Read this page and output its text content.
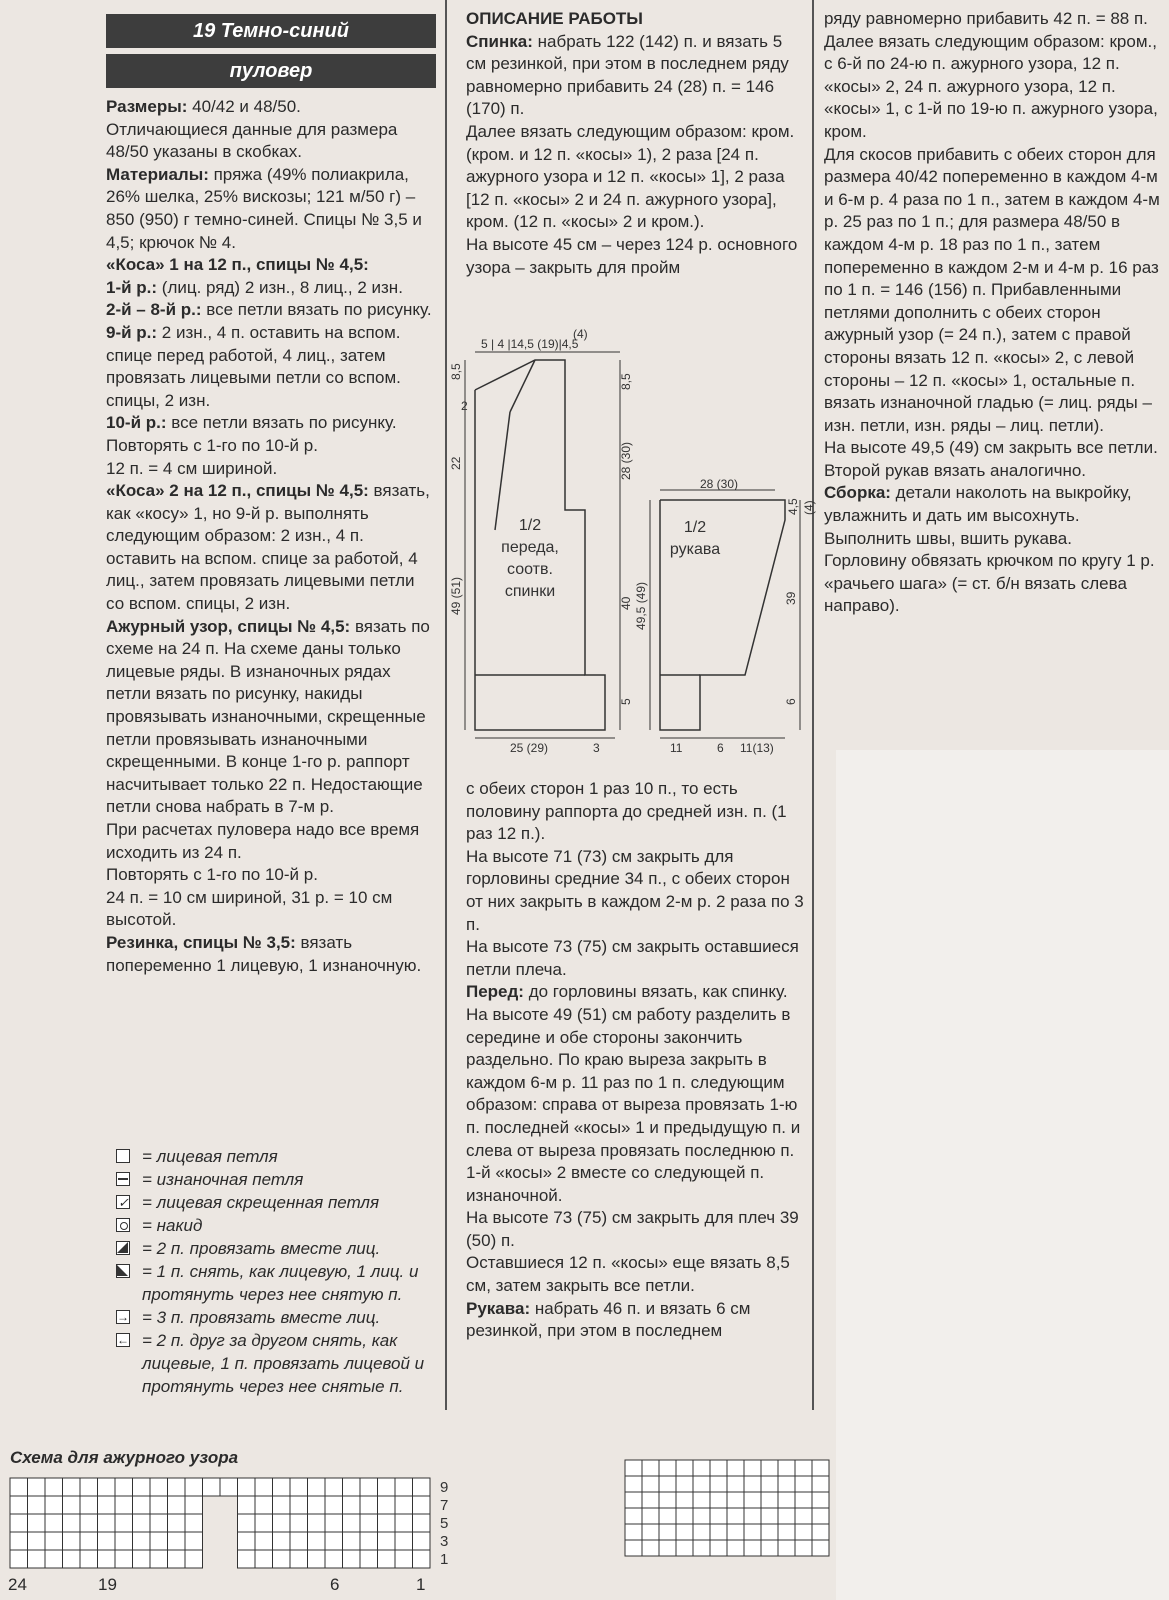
19 Темно-синий
пуловер

Размеры: 40/42 и 48/50.

Отличающиеся данные для размера 48/50 указаны в скобках.

Материалы: пряжа (49% полиакрила, 26% шелка, 25% вискозы; 121 м/50 г) – 850 (950) г темно-синей. Спицы № 3,5 и 4,5; крючок № 4.

«Коса» 1 на 12 п., спицы № 4,5:

1-й р.: (лиц. ряд) 2 изн., 8 лиц., 2 изн.

2-й – 8-й р.: все петли вязать по рисунку.

9-й р.: 2 изн., 4 п. оставить на вспом. спице перед работой, 4 лиц., затем провязать лицевыми петли со вспом. спицы, 2 изн.

10-й р.: все петли вязать по рисунку.

Повторять с 1-го по 10-й р.

12 п. = 4 см шириной.

«Коса» 2 на 12 п., спицы № 4,5: вязать, как «косу» 1, но 9-й р. выполнять следующим образом: 2 изн., 4 п. оставить на вспом. спице за работой, 4 лиц., затем провязать лицевыми петли со вспом. спицы, 2 изн.

Ажурный узор, спицы № 4,5: вязать по схеме на 24 п. На схеме даны только лицевые ряды. В изнаночных рядах петли вязать по рисунку, накиды провязывать изнаночными, скрещенные петли провязывать изнаночными скрещенными. В конце 1-го р. раппорт насчитывает только 22 п. Недостающие петли снова набрать в 7-м р.

При расчетах пуловера надо все время исходить из 24 п.

Повторять с 1-го по 10-й р.

24 п. = 10 см шириной, 31 р. = 10 см высотой.

Резинка, спицы № 3,5: вязать попеременно 1 лицевую, 1 изнаночную.

ОПИСАНИЕ РАБОТЫ

Спинка: набрать 122 (142) п. и вязать 5 см резинкой, при этом в последнем ряду равномерно прибавить 24 (28) п. = 146 (170) п.

Далее вязать следующим образом: кром. (кром. и 12 п. «косы» 1), 2 раза [24 п. ажурного узора и 12 п. «косы» 1], 2 раза [12 п. «косы» 2 и 24 п. ажурного узора], кром. (12 п. «косы» 2 и кром.).

На высоте 45 см – через 124 р. основного узора – закрыть для пройм

с обеих сторон 1 раз 10 п., то есть половину раппорта до средней изн. п. (1 раз 12 п.).

На высоте 71 (73) см закрыть для горловины средние 34 п., с обеих сторон от них закрыть в каждом 2-м р. 2 раза по 3 п.

На высоте 73 (75) см закрыть оставшиеся петли плеча.

Перед: до горловины вязать, как спинку. На высоте 49 (51) см работу разделить в середине и обе стороны закончить раздельно. По краю выреза закрыть в каждом 6-м р. 11 раз по 1 п. следующим образом: справа от выреза провязать 1-ю п. последней «косы» 1 и предыдущую п. и слева от выреза провязать последнюю п. 1-й «косы» 2 вместе со следующей п. изнаночной.

На высоте 73 (75) см закрыть для плеч 39 (50) п.

Оставшиеся 12 п. «косы» еще вязать 8,5 см, затем закрыть все петли.

Рукава: набрать 46 п. и вязать 6 см резинкой, при этом в последнем

ряду равномерно прибавить 42 п. = 88 п.

Далее вязать следующим образом: кром., с 6-й по 24-ю п. ажурного узора, 12 п. «косы» 2, 24 п. ажурного узора, 12 п. «косы» 1, с 1-й по 19-ю п. ажурного узора, кром.

Для скосов прибавить с обеих сторон для размера 40/42 попеременно в каждом 4-м и 6-м р. 4 раза по 1 п., затем в каждом 4-м р. 25 раз по 1 п.; для размера 48/50 в каждом 4-м р. 18 раз по 1 п., затем попеременно в каждом 2-м и 4-м р. 16 раз по 1 п. = 146 (156) п. Прибавленными петлями дополнить с обеих сторон ажурный узор (= 24 п.), затем с правой стороны вязать 12 п. «косы» 2, с левой стороны – 12 п. «косы» 1, остальные п. вязать изнаночной гладью (= лиц. ряды – изн. петли, изн. ряды – лиц. петли).

На высоте 49,5 (49) см закрыть все петли.

Второй рукав вязать аналогично.

Сборка: детали наколоть на выкройку, увлажнить и дать им высохнуть. Выполнить швы, вшить рукава.

Горловину обвязать крючком по кругу 1 р. «рачьего шага» (= ст. б/н вязать слева направо).

5 | 4 |14,5 (19)|4,5
(4)
8,5
2
22
8,5
28 (30)
49 (51)	40
5
25 (29)	3
28 (30)
4,5 (4)
49,5 (49)	39
6
11	6 11(13)
1/2
переда,
соотв.
спинки
1/2
рукава
= лицевая петля
= изнаночная петля
✓
= лицевая скрещенная петля
= накид
= 2 п. провязать вместе лиц.
= 1 п. снять, как лицевую, 1 лиц. и протянуть через нее снятую п.
→
= 3 п. провязать вместе лиц.
←
= 2 п. друг за другом снять, как лицевые, 1 п. провязать лицевой и протянуть через нее снятые п.
Схема для ажурного узора
9
7
5
3
1
24	19	6	1
